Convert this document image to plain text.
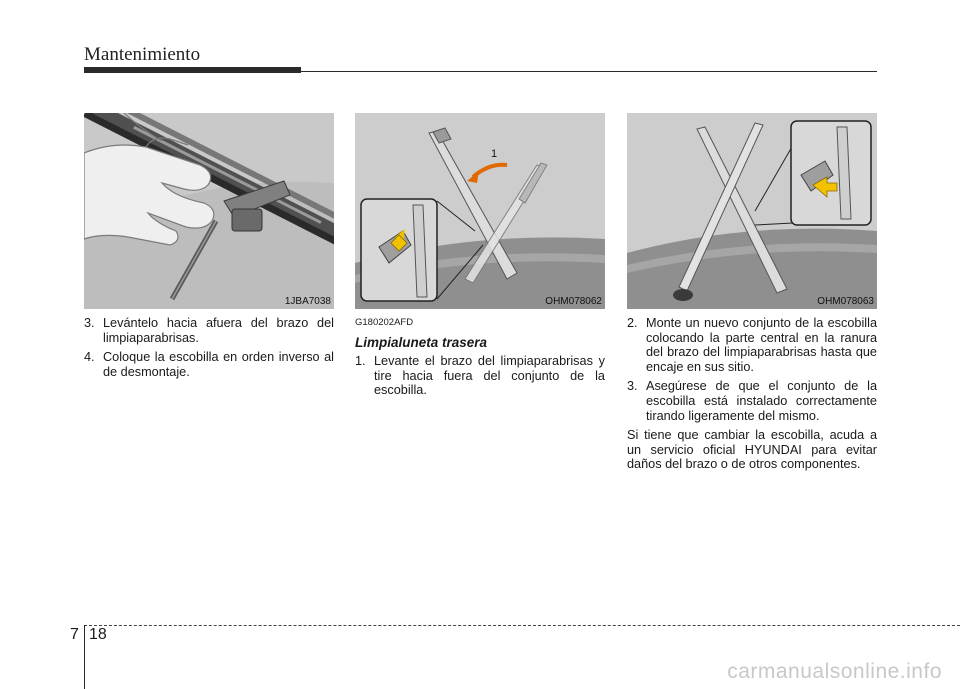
Mantenimiento
1JBA7038
1
OHM078062	OHM078063
3. Levántelo hacia afuera del brazo del limpiaparabrisas.
4. Coloque la escobilla en orden inverso al de desmontaje.
G180202AFD
Limpialuneta trasera
1. Levante el brazo del limpiaparabrisas y tire hacia fuera del conjunto de la escobilla.
2. Monte un nuevo conjunto de la escobilla colocando la parte central en la ranura del brazo del limpiaparabrisas hasta que encaje en sus sitio.
3. Asegúrese de que el conjunto de la escobilla está instalado correctamente tirando ligeramente del mismo.

Si tiene que cambiar la escobilla, acuda a un servicio oficial HYUNDAI para evitar daños del brazo o de otros componentes.

7 18
carmanualsonline.info
